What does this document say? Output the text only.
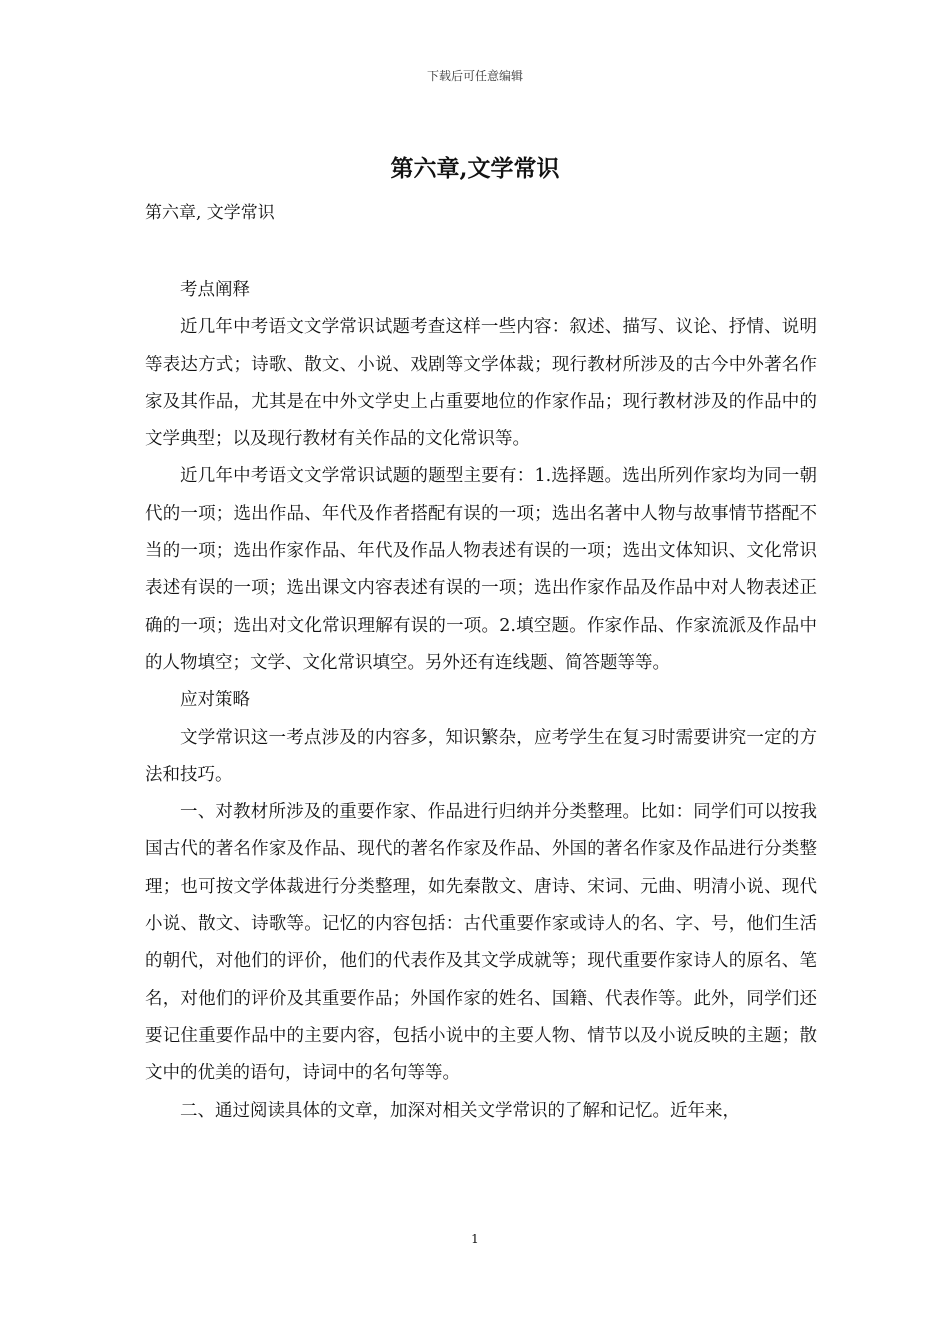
下载后可任意编辑
第六章,文学常识
第六章, 文学常识

考点阐释

近几年中考语文文学常识试题考查这样一些内容：叙述、描写、议论、抒情、说明等表达方式；诗歌、散文、小说、戏剧等文学体裁；现行教材所涉及的古今中外著名作家及其作品，尤其是在中外文学史上占重要地位的作家作品；现行教材涉及的作品中的文学典型；以及现行教材有关作品的文化常识等。

近几年中考语文文学常识试题的题型主要有：1.选择题。选出所列作家均为同一朝代的一项；选出作品、年代及作者搭配有误的一项；选出名著中人物与故事情节搭配不当的一项；选出作家作品、年代及作品人物表述有误的一项；选出文体知识、文化常识表述有误的一项；选出课文内容表述有误的一项；选出作家作品及作品中对人物表述正确的一项；选出对文化常识理解有误的一项。2.填空题。作家作品、作家流派及作品中的人物填空；文学、文化常识填空。另外还有连线题、简答题等等。

应对策略

文学常识这一考点涉及的内容多，知识繁杂，应考学生在复习时需要讲究一定的方法和技巧。

一、对教材所涉及的重要作家、作品进行归纳并分类整理。比如：同学们可以按我国古代的著名作家及作品、现代的著名作家及作品、外国的著名作家及作品进行分类整理；也可按文学体裁进行分类整理，如先秦散文、唐诗、宋词、元曲、明清小说、现代小说、散文、诗歌等。记忆的内容包括：古代重要作家或诗人的名、字、号，他们生活的朝代，对他们的评价，他们的代表作及其文学成就等；现代重要作家诗人的原名、笔名，对他们的评价及其重要作品；外国作家的姓名、国籍、代表作等。此外，同学们还要记住重要作品中的主要内容，包括小说中的主要人物、情节以及小说反映的主题；散文中的优美的语句，诗词中的名句等等。

二、通过阅读具体的文章，加深对相关文学常识的了解和记忆。近年来，

1
